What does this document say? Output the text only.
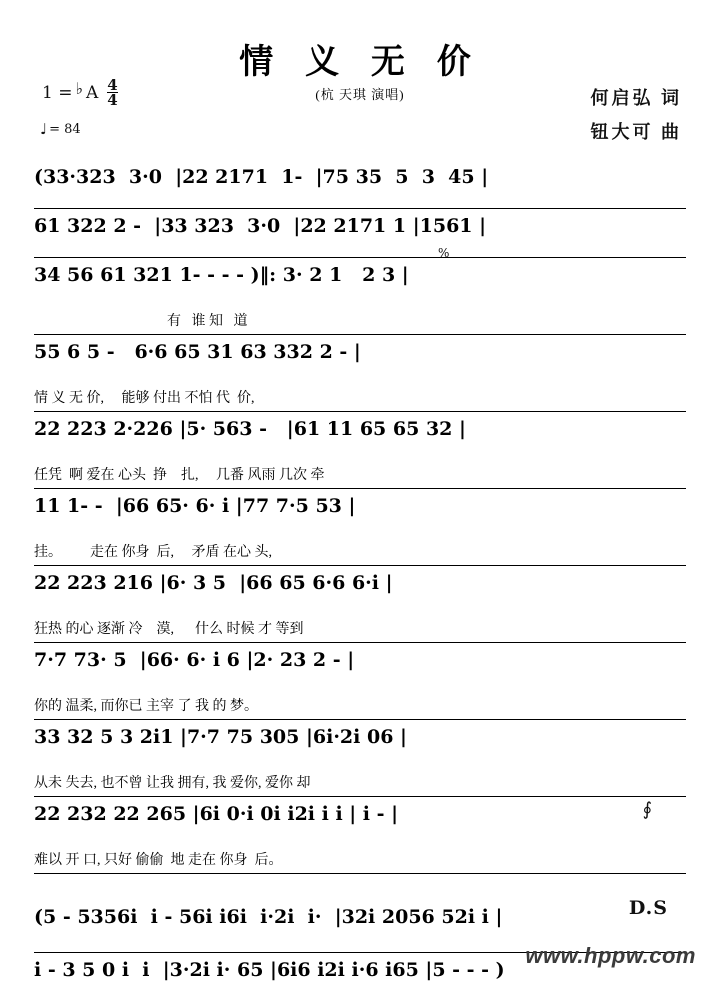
情 义 无 价
(杭 天琪 演唱)
1 = ♭ A $\frac{4}{4}$
♩ = 84
何启弘 词
钮大可 曲
(33·323  3·0  |22 2171  1-  |75 35  5  3  45 |
61 322 2 -  |33 323  3·0  |22 2171 1 |1561 |
%
34 56 61 321 1- - - - )‖: 3· 2 1   2 3 |
有   谁 知   道
55 6 5 -   6·6 65 31 63 332 2 - |
情 义 无 价,     能够 付出 不怕 代  价,
22 223 2·226 |5· 563 -   |61 11 65 65 32 |
任凭  啊 爱在 心头  挣    扎,     几番 风雨 几次 牵
11 1- -  |66 65· 6· i |77 7·5 53 |
挂。        走在 你身  后,     矛盾 在心 头,
22 223 216 |6· 3 5  |66 65 6·6 6·i |
狂热 的心 逐渐 冷    漠,      什么 时候 才 等到
7·7 73· 5  |66· 6· i 6 |2· 23 2 - |
你的 温柔, 而你已 主宰 了 我 的 梦。
33 32 5 3 2i1 |7·7 75 305 |6i·2i 06 |
从未 失去, 也不曾 让我 拥有, 我 爱你, 爱你 却
∮
22 232 22 265 |6i 0·i 0i i2i i i | i - |
难以 开 口, 只好 偷偷  地 走在 你身  后。
(5 - 5356i  i - 56i i6i  i·2i  i·  |32i 2056 52i i |
i - 3 5 0 i  i  |3·2i i· 65 |6i6 i2i i·6 i65 |5 - - - )
D.S
www.hppw.com
